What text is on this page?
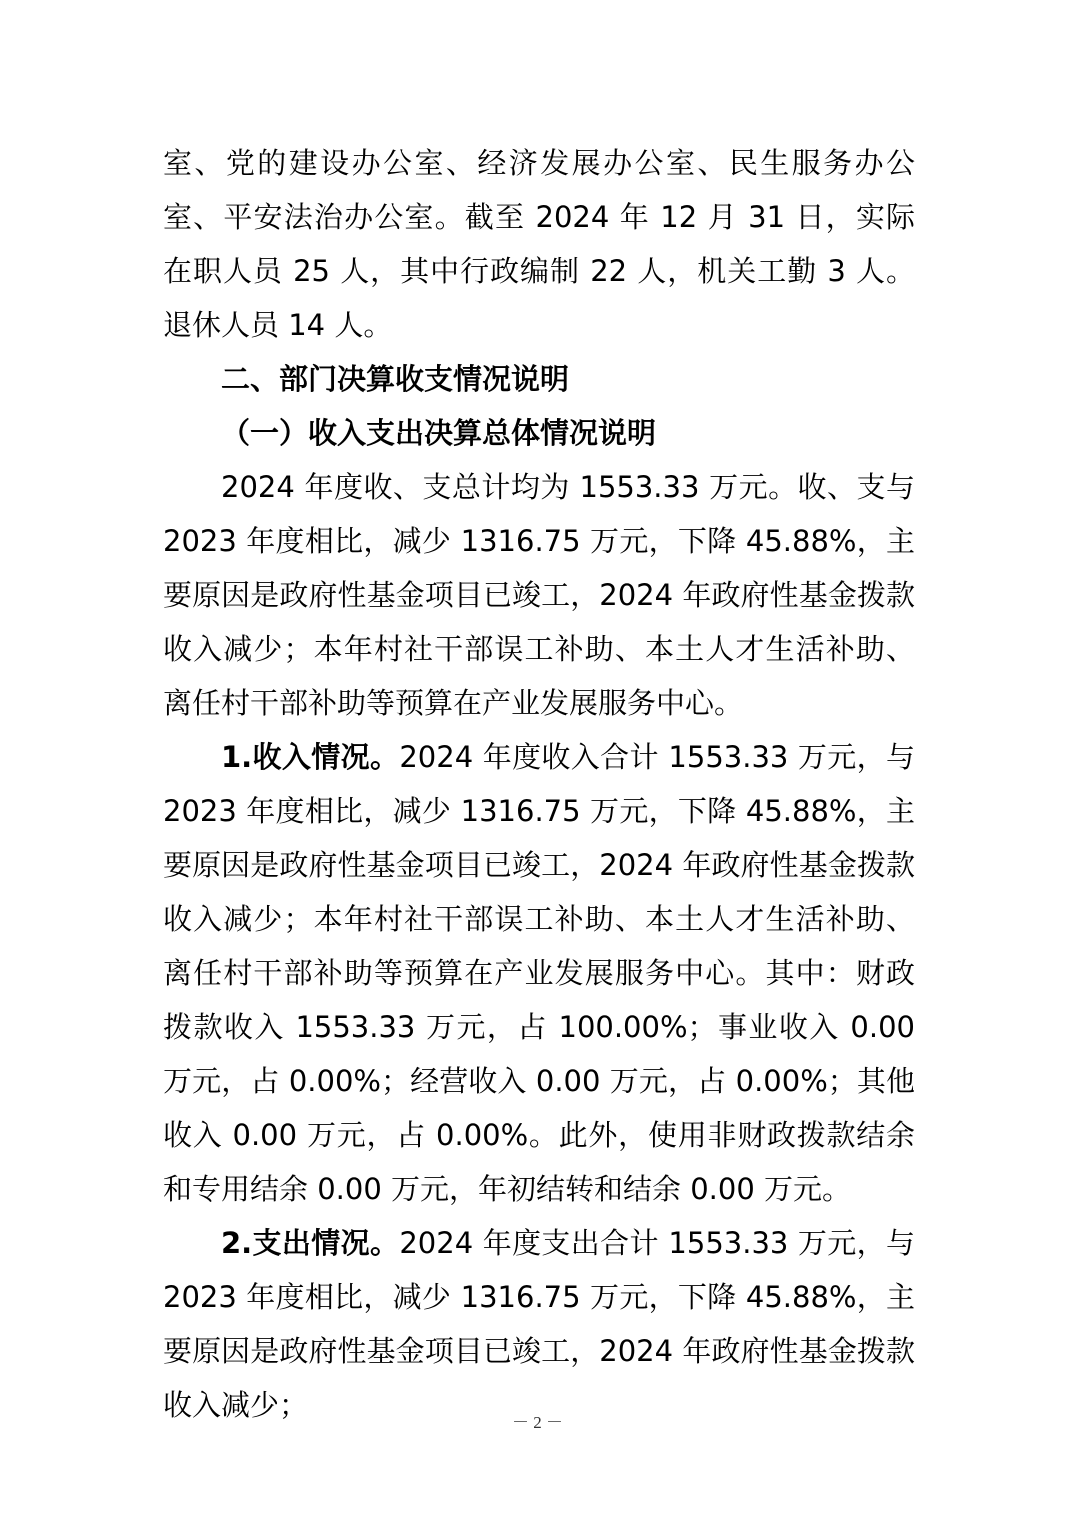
室、党的建设办公室、经济发展办公室、民生服务办公室、平安法治办公室。截至 2024 年 12 月 31 日，实际在职人员 25 人，其中行政编制 22 人，机关工勤 3 人。退休人员 14 人。

二、部门决算收支情况说明

（一）收入支出决算总体情况说明

2024 年度收、支总计均为 1553.33 万元。收、支与 2023 年度相比，减少 1316.75 万元，下降 45.88%，主要原因是政府性基金项目已竣工，2024 年政府性基金拨款收入减少；本年村社干部误工补助、本土人才生活补助、离任村干部补助等预算在产业发展服务中心。

1.收入情况。2024 年度收入合计 1553.33 万元，与 2023 年度相比，减少 1316.75 万元，下降 45.88%，主要原因是政府性基金项目已竣工，2024 年政府性基金拨款收入减少；本年村社干部误工补助、本土人才生活补助、离任村干部补助等预算在产业发展服务中心。其中：财政拨款收入 1553.33 万元，占 100.00%；事业收入 0.00 万元，占 0.00%；经营收入 0.00 万元，占 0.00%；其他收入 0.00 万元，占 0.00%。此外，使用非财政拨款结余和专用结余 0.00 万元，年初结转和结余 0.00 万元。

2.支出情况。2024 年度支出合计 1553.33 万元，与 2023 年度相比，减少 1316.75 万元，下降 45.88%，主要原因是政府性基金项目已竣工，2024 年政府性基金拨款收入减少；

－ 2 －
